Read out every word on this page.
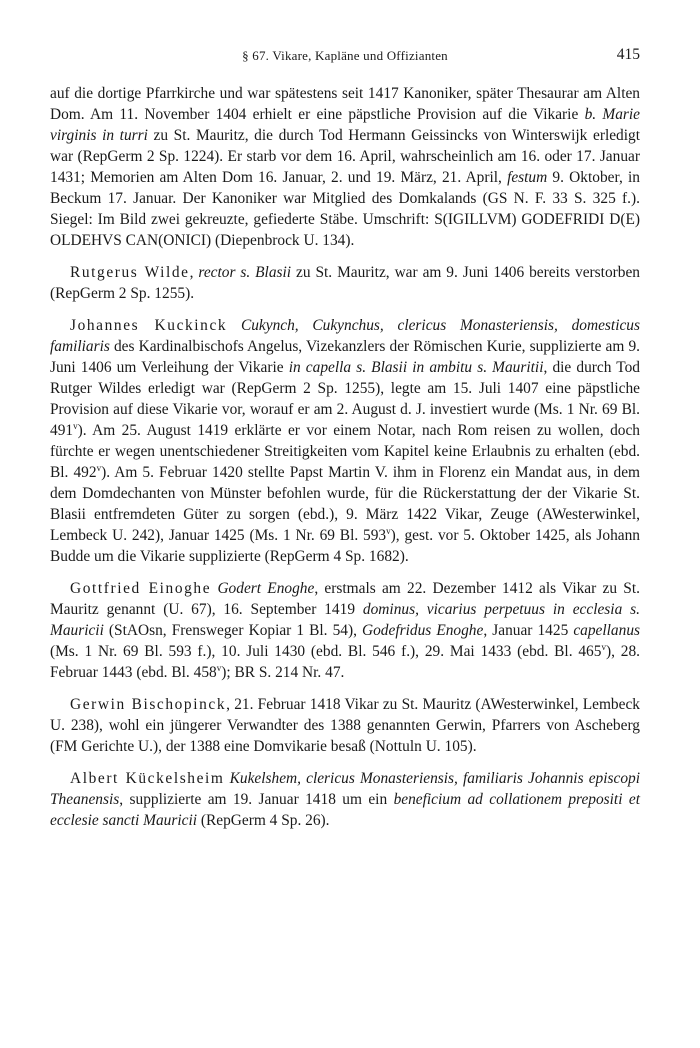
§ 67. Vikare, Kapläne und Offizianten	415

auf die dortige Pfarrkirche und war spätestens seit 1417 Kanoniker, später Thesaurar am Alten Dom. Am 11. November 1404 erhielt er eine päpstliche Provision auf die Vikarie b. Marie virginis in turri zu St. Mauritz, die durch Tod Hermann Geissincks von Winterswijk erledigt war (RepGerm 2 Sp. 1224). Er starb vor dem 16. April, wahrscheinlich am 16. oder 17. Januar 1431; Memorien am Alten Dom 16. Januar, 2. und 19. März, 21. April, festum 9. Oktober, in Beckum 17. Januar. Der Kanoniker war Mitglied des Domkalands (GS N. F. 33 S. 325 f.). Siegel: Im Bild zwei gekreuzte, gefiederte Stäbe. Umschrift: S(IGILLVM) GODEFRIDI D(E) OLDEHVS CAN(ONICI) (Diepenbrock U. 134).

Rutgerus Wilde, rector s. Blasii zu St. Mauritz, war am 9. Juni 1406 bereits verstorben (RepGerm 2 Sp. 1255).

Johannes Kuckinck Cukynch, Cukynchus, clericus Monasteriensis, domesticus familiaris des Kardinalbischofs Angelus, Vizekanzlers der Römischen Kurie, supplizierte am 9. Juni 1406 um Verleihung der Vikarie in capella s. Blasii in ambitu s. Mauritii, die durch Tod Rutger Wildes erledigt war (RepGerm 2 Sp. 1255), legte am 15. Juli 1407 eine päpstliche Provision auf diese Vikarie vor, worauf er am 2. August d. J. investiert wurde (Ms. 1 Nr. 69 Bl. 491$^v$). Am 25. August 1419 erklärte er vor einem Notar, nach Rom reisen zu wollen, doch fürchte er wegen unentschiedener Streitigkeiten vom Kapitel keine Erlaubnis zu erhalten (ebd. Bl. 492$^v$). Am 5. Februar 1420 stellte Papst Martin V. ihm in Florenz ein Mandat aus, in dem dem Domdechanten von Münster befohlen wurde, für die Rückerstattung der der Vikarie St. Blasii entfremdeten Güter zu sorgen (ebd.), 9. März 1422 Vikar, Zeuge (AWesterwinkel, Lembeck U. 242), Januar 1425 (Ms. 1 Nr. 69 Bl. 593$^v$), gest. vor 5. Oktober 1425, als Johann Budde um die Vikarie supplizierte (RepGerm 4 Sp. 1682).

Gottfried Einoghe Godert Enoghe, erstmals am 22. Dezember 1412 als Vikar zu St. Mauritz genannt (U. 67), 16. September 1419 dominus, vicarius perpetuus in ecclesia s. Mauricii (StAOsn, Frensweger Kopiar 1 Bl. 54), Godefridus Enoghe, Januar 1425 capellanus (Ms. 1 Nr. 69 Bl. 593 f.), 10. Juli 1430 (ebd. Bl. 546 f.), 29. Mai 1433 (ebd. Bl. 465$^v$), 28. Februar 1443 (ebd. Bl. 458$^v$); BR S. 214 Nr. 47.

Gerwin Bischopinck, 21. Februar 1418 Vikar zu St. Mauritz (AWesterwinkel, Lembeck U. 238), wohl ein jüngerer Verwandter des 1388 genannten Gerwin, Pfarrers von Ascheberg (FM Gerichte U.), der 1388 eine Domvikarie besaß (Nottuln U. 105).

Albert Kückelsheim Kukelshem, clericus Monasteriensis, familiaris Johannis episcopi Theanensis, supplizierte am 19. Januar 1418 um ein beneficium ad collationem prepositi et ecclesie sancti Mauricii (RepGerm 4 Sp. 26).
